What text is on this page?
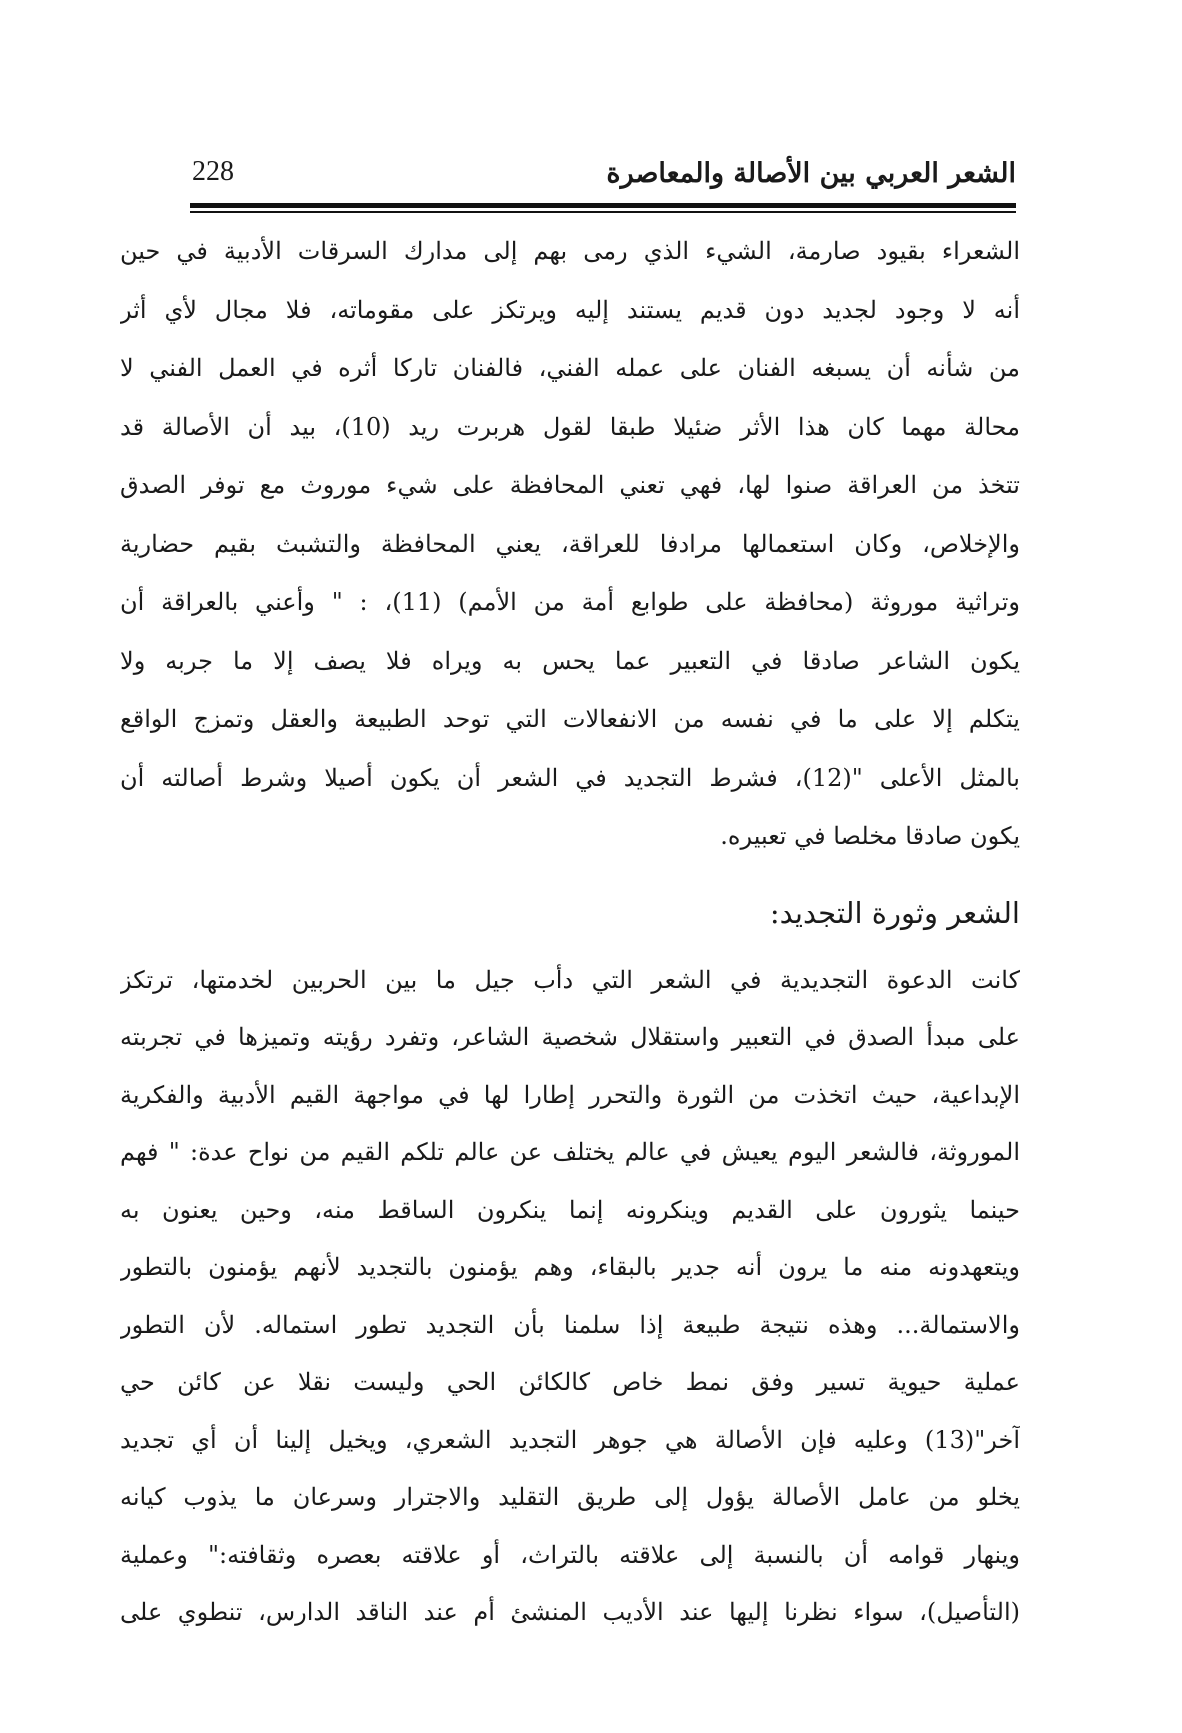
الشعر العربي بين الأصالة والمعاصرة
228
الشعراء بقيود صارمة، الشيء الذي رمى بهم إلى مدارك السرقات الأدبية في حين
أنه لا وجود لجديد دون قديم يستند إليه ويرتكز على مقوماته، فلا مجال لأي أثر
من شأنه أن يسبغه الفنان على عمله الفني، فالفنان تاركا أثره في العمل الفني لا
محالة مهما كان هذا الأثر ضئيلا طبقا لقول هربرت ريد (10)، بيد أن الأصالة قد
تتخذ من العراقة صنوا لها، فهي تعني المحافظة على شيء موروث مع توفر الصدق
والإخلاص، وكان استعمالها مرادفا للعراقة، يعني المحافظة والتشبث بقيم حضارية
وتراثية موروثة (محافظة على طوابع أمة من الأمم) (11)، : " وأعني بالعراقة أن
يكون الشاعر صادقا في التعبير عما يحس به ويراه فلا يصف إلا ما جربه ولا
يتكلم إلا على ما في نفسه من الانفعالات التي توحد الطبيعة والعقل وتمزج الواقع
بالمثل الأعلى "(12)، فشرط التجديد في الشعر أن يكون أصيلا وشرط أصالته أن
يكون صادقا مخلصا في تعبيره.
الشعر وثورة التجديد:
كانت الدعوة التجديدية في الشعر التي دأب جيل ما بين الحربين لخدمتها، ترتكز
على مبدأ الصدق في التعبير واستقلال شخصية الشاعر، وتفرد رؤيته وتميزها في تجربته
الإبداعية، حيث اتخذت من الثورة والتحرر إطارا لها في مواجهة القيم الأدبية والفكرية
الموروثة، فالشعر اليوم يعيش في عالم يختلف عن عالم تلكم القيم من نواح عدة: " فهم
حينما يثورون على القديم وينكرونه إنما ينكرون الساقط منه، وحين يعنون به
ويتعهدونه منه ما يرون أنه جدير بالبقاء، وهم يؤمنون بالتجديد لأنهم يؤمنون بالتطور
والاستمالة... وهذه نتيجة طبيعة إذا سلمنا بأن التجديد تطور استماله. لأن التطور
عملية حيوية تسير وفق نمط خاص كالكائن الحي وليست نقلا عن كائن حي
آخر"(13) وعليه فإن الأصالة هي جوهر التجديد الشعري، ويخيل إلينا أن أي تجديد
يخلو من عامل الأصالة يؤول إلى طريق التقليد والاجترار وسرعان ما يذوب كيانه
وينهار قوامه أن بالنسبة إلى علاقته بالتراث، أو علاقته بعصره وثقافته:" وعملية
(التأصيل)، سواء نظرنا إليها عند الأديب المنشئ أم عند الناقد الدارس، تنطوي على
